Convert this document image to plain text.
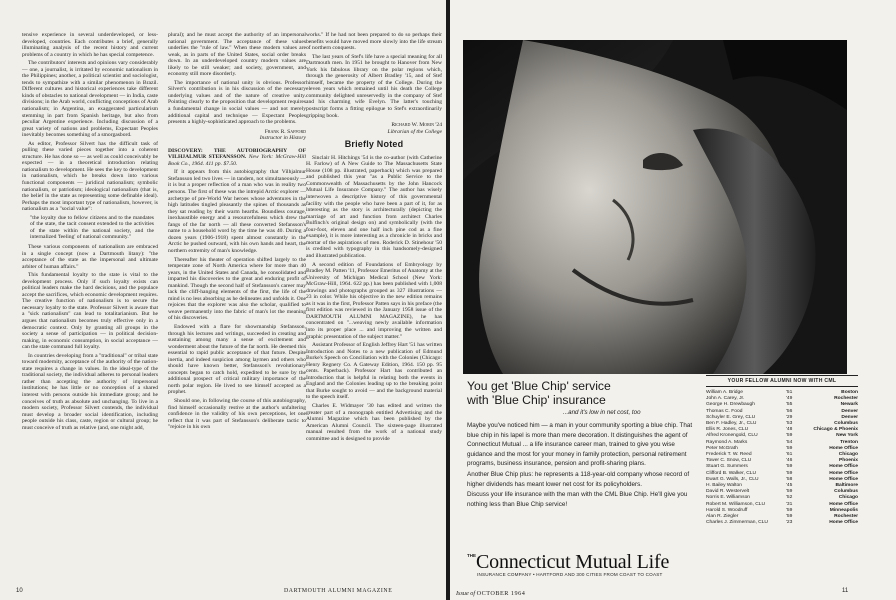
tensive experience in several underdeveloped, or less-developed, countries. Each contributes a brief, generally illuminating analysis of the recent history and current problems of a country in which he has special competence.

The contributors' interests and opinions vary considerably — one, a journalist, is irritated by economic nationalism in the Philippines; another, a political scientist and sociologist, tends to sympathize with a similar phenomenon in Brazil. Different cultures and historical experiences take different kinds of obstacles to national development — in India, caste divisions; in the Arab world, conflicting conceptions of Arab nationalism; in Argentina, an exaggerated particularism stemming in part from Spanish heritage, but also from peculiar Argentine experience. Including discussion of a great variety of nations and problems, Expectant Peoples inevitably becomes something of a smorgasbord.

As editor, Professor Silvert has the difficult task of pulling these varied pieces together into a coherent structure. He has done so — as well as could conceivably be expected — in a theoretical introduction relating nationalism to development. He sees the key to development in nationalism, which he breaks down into various functional components — juridical nationalism; symbolic nationalism, or patriotism; ideological nationalism (that is, the belief in the state as representing some definable ideal). Perhaps the most important type of nationalism, however, is nationalism as a "social value":

"the loyalty due to fellow citizens and to the mandates of the state, the tacit consent extended to the activities of the state within the national society, and the internalized 'feeling' of national community."

These various components of nationalism are embraced in a single concept (now a Dartmouth litany): "the acceptance of the state as the impersonal and ultimate arbiter of human affairs."

This fundamental loyalty to the state is vital to the development process. Only if such loyalty exists can political leaders make the hard decisions, and the populace accept the sacrifices, which economic development requires. The creative function of nationalism is to secure the necessary loyalty to the state. Professor Silvert is aware that a "sick nationalism" can lead to totalitarianism. But he argues that nationalism becomes truly effective only in a democratic context. Only by granting all groups in the society a sense of participation — in political decision-making, in economic consumption, in social acceptance — can the state command full loyalty.

In countries developing from a "traditional" or tribal state toward modernity, acceptance of the authority of the nation-state requires a change in values. In the ideal-type of the traditional society, the individual adheres to personal leaders rather than accepting the authority of impersonal institutions; he has little or no conception of a shared interest with persons outside his immediate group; and he conceives of truth as absolute and unchanging. To live in a modern society, Professor Silvert contends, the individual must develop a broader social identification, including people outside his class, caste, region or cultural group; he must conceive of truth as relative (and, one might add,

plural); and he must accept the authority of an impersonal national government. The acceptance of these values underlies the "rule of law." When these modern values are weak, as in parts of the United States, social order breaks down. In an underdeveloped country modern values are likely to be still weaker; and society, government, and economy still more disorderly.

The importance of national unity is obvious. Professor Silvert's contribution is in his discussion of the necessary underlying values and of the nature of creative unity. Pointing clearly to the proposition that development requires a fundamental change in social values — and not merely additional capital and technique — Expectant Peoples presents a highly-sophisticated approach to the problems.

Frank R. Safford
Instructor in History

DISCOVERY: THE AUTOBIOGRAPHY OF VILHJALMUR STEFANSSON. New York: McGraw-Hill Book Co., 1964. 411 pp. $7.50.

If it appears from this autobiography that Vilhjalmur Stefansson led two lives — in tandem, not simultaneously — it is but a proper reflection of a man who was in reality two persons. The first of these was the intrepid Arctic explorer — archetype of pre-World War heroes whose adventures in the high latitudes tingled pleasantly the spines of thousands as they sat reading by their warm hearths. Boundless courage, inexhaustible energy and a resourcefulness which drew the fangs of the far north — all these converted Stefansson's name to a household word by the time he was 40. During a dozen years (1906-1918) spent almost constantly in the Arctic he pushed outward, with his own hands and heart, the northern extremity of man's knowledge.

Thereafter his theater of operation shifted largely to the temperate zone of North America where for more than 40 years, in the United States and Canada, he consolidated and imparted his discoveries to the great and enduring profit of mankind. Though the second half of Stefansson's career may lack the cliff-hanging elements of the first, the life of the mind is no less absorbing as he delineates and unfolds it. One rejoices that the explorer was also the scholar, qualified to weave permanently into the fabric of man's lot the meaning of his discoveries.

Endowed with a flare for showmanship Stefansson, through his lectures and writings, succeeded in creating and sustaining among many a sense of excitement and wonderment about the future of the far north. He deemed this essential to rapid public acceptance of that future. Despite inertia, and indeed suspicion among laymen and others who should have known better, Stefansson's revolutionary concepts began to catch hold, expedited to be sure by the additional prospect of critical military importance of the north polar region. He lived to see himself accepted as a prophet.

Should one, in following the course of this autobiography, find himself occasionally restive at the author's unfaltering confidence in the validity of his own perceptions, let one reflect that it was part of Stefansson's deliberate tactic to "rejoice in his own

works." If he had not been prepared to do so perhaps their benefits would have moved more slowly into the life stream of northern conquests.

The last years of Stef's life have a special meaning for all Dartmouth men. In 1951 he brought to Hanover from New York his fabulous library on the polar regions which, through the generosity of Albert Bradley '15, and of Stef himself, became the property of the College. During the eleven years which remained until his death the College community delighted unreservedly in the company of Stef and his charming wife Evelyn. The latter's touching postscript forms a fitting epilogue to Stef's extraordinarily gripping book.

Richard W. Morin '24
Librarian of the College
Briefly Noted

Sinclair H. Hitchings '54 is the co-author (with Catherine H. Farlow) of A New Guide to The Massachusetts State House (108 pp. illustrated, paperback) which was prepared and published this year "as a Public Service to the Commonwealth of Massachusetts by the John Hancock Mutual Life Insurance Company." The author has wisely interwoven a descriptive history of this governmental facility with the people who have been a part of it, for as interesting as the story is architecturally (depicting the marriage of art and function from architect Charles Bulfinch's original design on) and symbolically (with the four-foot, eleven and one half inch pine cod as a fine example), it is more interesting as a chronicle in bricks and mortar of the aspirations of men. Roderick D. Stinehour '50 is credited with typography in this handsomely-designed and illustrated publication.

A second edition of Foundations of Embryology by Bradley M. Patten '11, Professor Emeritus of Anatomy at the University of Michigan Medical School (New York: McGraw-Hill, 1964. 622 pp.) has been published with 1,008 drawings and photographs grouped as 327 illustrations — 23 in color. While his objective in the new edition remains as it was in the first, Professor Patten says in his preface (the first edition was reviewed in the January 1958 issue of the DARTMOUTH ALUMNI MAGAZINE), he has concentrated on "...weaving newly available information into its proper place ... and improving the written and graphic presentation of the subject matter."

Assistant Professor of English Jeffrey Hart '51 has written Introduction and Notes to a new publication of Edmund Burke's Speech on Conciliation with the Colonies (Chicago: Henry Regnery Co. A Gateway Edition, 1964. 150 pp. 95 cents. Paperback). Professor Hart has contributed an Introduction that is helpful in relating both the events in England and the Colonies leading up to the breaking point that Burke sought to avoid — and the background material to the speech itself.

Charles E. Widmayer '30 has edited and written the greater part of a monograph entitled Advertising and the Alumni Magazine which has been published by the American Alumni Council. The sixteen-page illustrated manual resulted from the work of a national study committee and is designed to provide

10	DARTMOUTH ALUMNI MAGAZINE	11
You get 'Blue Chip' service
with 'Blue Chip' insurance
...and it's low in net cost, too

Maybe you've noticed him — a man in your community sporting a blue chip. That blue chip in his lapel is more than mere decoration. It distinguishes the agent of Connecticut Mutual ... a life insurance career man, trained to give you wise guidance and the most for your money in family protection, personal retirement programs, business insurance, pension and profit-sharing plans.

Another Blue Chip plus: he represents a 118-year-old company whose record of higher dividends has meant lower net cost for its policyholders.

Discuss your life insurance with the man with the CML Blue Chip. He'll give you nothing less than Blue Chip service!

THE Connecticut Mutual Life
INSURANCE COMPANY • HARTFORD AND 300 CITIES FROM COAST TO COAST
Issue of OCTOBER 1964
YOUR FELLOW ALUMNI NOW WITH CML
William A. Bridge	'51	Boston
John A. Carey, Jr.	'49	Rochester
George H. Drewbaugh	'55	Newark
Thomas C. Food	'56	Denver
Schuyler E. Grey, CLU	'29	Denver
Ben F. Hadley, Jr., CLU	'53	Columbus
Ellis R. Jones, CLU	'48	Chicago & Phoenix
Alfred Kronengold, CLU	'59	New York
Raymond A. Marks	'54	Trenton
Peter McGrath	'59	Home Office
Frederick T. W. Reed	'61	Chicago
Tower C. Snow, CLU	'46	Phoenix
Stuart G. Summers	'59	Home Office
Clifford B. Walker, CLU	'59	Home Office
Ewart G. Walls, Jr., CLU	'58	Home Office
H. Bailey Walton	'45	Baltimore
David R. Westervelt	'59	Columbus
Norris E. Williamson	'52	Chicago
Robert M. Williamson, CLU	'31	Home Office
Harold S. Woodruff	'59	Minneapolis
Alan R. Ziegler	'59	Rochester
Charles J. Zimmerman, CLU	'23	Home Office
